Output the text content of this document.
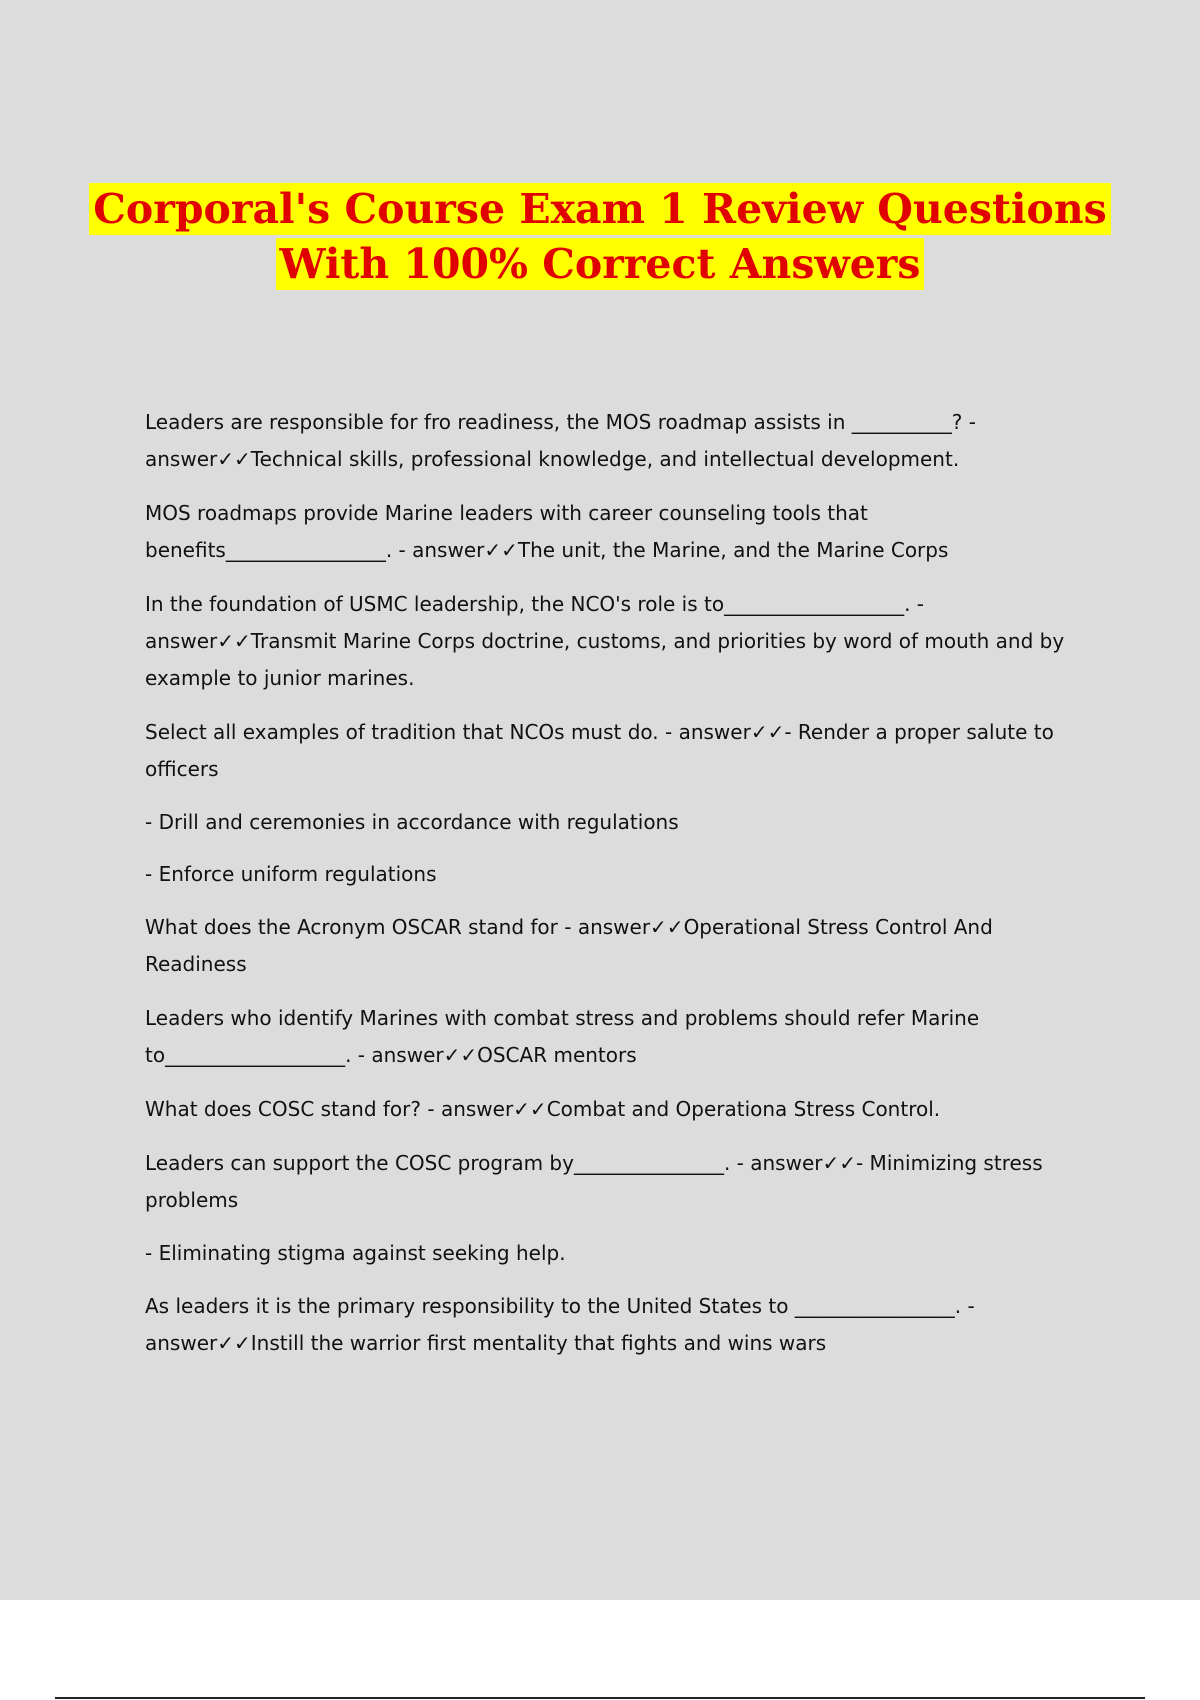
Corporal's Course Exam 1 Review Questions
With 100% Correct Answers

Leaders are responsible for fro readiness, the MOS roadmap assists in __________? - answer✓✓Technical skills, professional knowledge, and intellectual development.

MOS roadmaps provide Marine leaders with career counseling tools that benefits________________. - answer✓✓The unit, the Marine, and the Marine Corps

In the foundation of USMC leadership, the NCO's role is to__________________. - answer✓✓Transmit Marine Corps doctrine, customs, and priorities by word of mouth and by example to junior marines.

Select all examples of tradition that NCOs must do. - answer✓✓- Render a proper salute to officers

- Drill and ceremonies in accordance with regulations

- Enforce uniform regulations

What does the Acronym OSCAR stand for - answer✓✓Operational Stress Control And Readiness

Leaders who identify Marines with combat stress and problems should refer Marine to__________________. - answer✓✓OSCAR mentors

What does COSC stand for? - answer✓✓Combat and Operationa Stress Control.

Leaders can support the COSC program by_______________. - answer✓✓- Minimizing stress problems

- Eliminating stigma against seeking help.

As leaders it is the primary responsibility to the United States to ________________. - answer✓✓Instill the warrior first mentality that fights and wins wars
